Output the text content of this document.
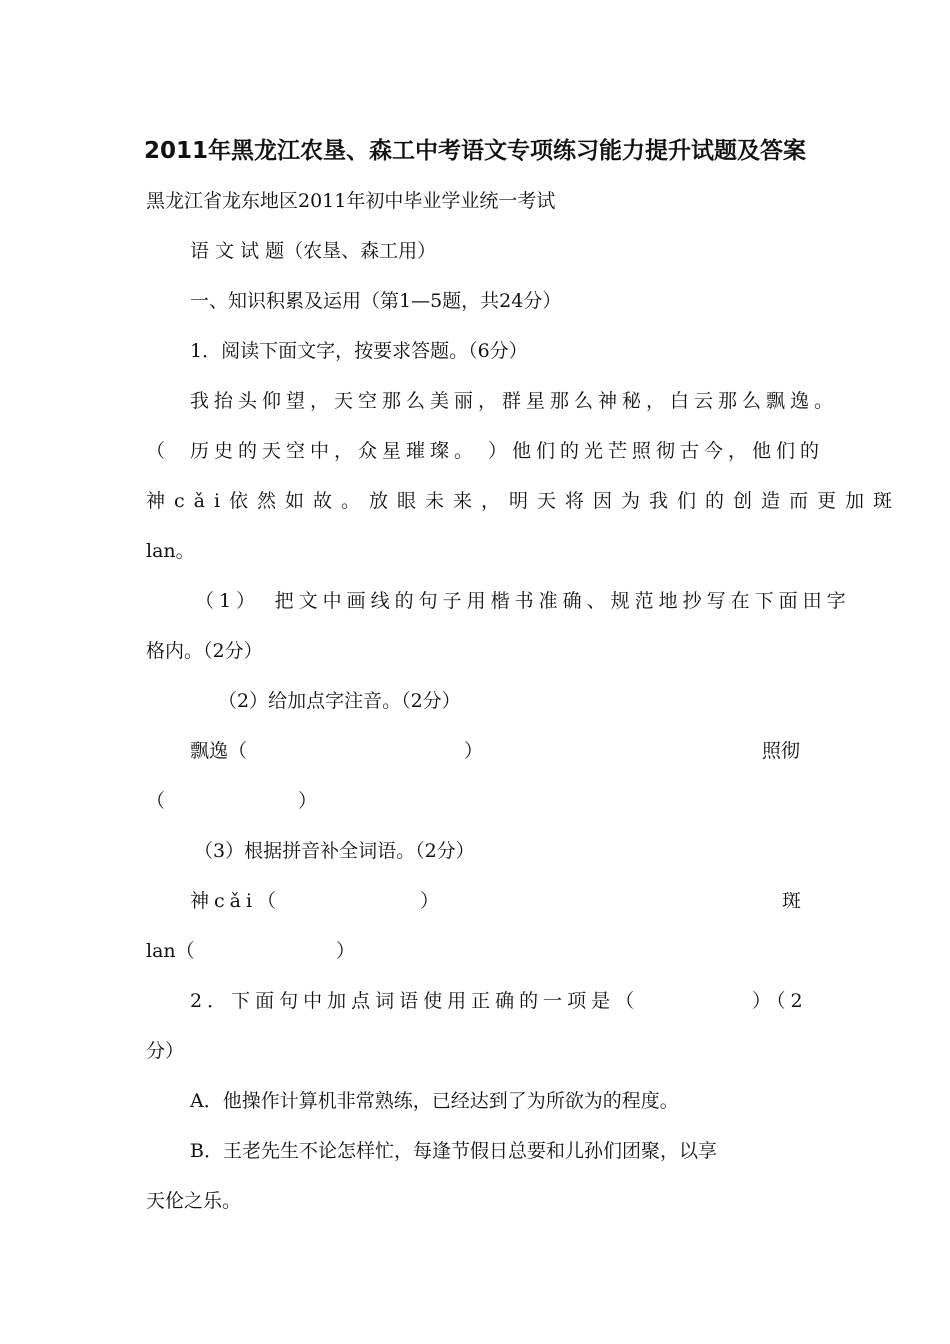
2011年黑龙江农垦、森工中考语文专项练习能力提升试题及答案
黑龙江省龙东地区2011年初中毕业学业统一考试
语 文 试 题（农垦、森工用）
一、知识积累及运用（第1—5题，共24分）
1．阅读下面文字，按要求答题。（6分）
我抬头仰望，天空那么美丽，群星那么神秘，白云那么飘逸。
（ 历史的天空中，众星璀璨。 ）他们的光芒照彻古今，他们的
神cǎi依然如故。放眼未来，明天将因为我们的创造而更加斑
lan。
（1）　把文中画线的句子用楷书准确、规范地抄写在下面田字
格内。（2分）
（2）给加点字注音。（2分）
飘逸（	）	照彻
（	）
（3）根据拼音补全词语。（2分）
神cǎi（	）	斑
lan（	）
2．下面句中加点词语使用正确的一项是（	）（2
分）
A．他操作计算机非常熟练，已经达到了为所欲为的程度。
B．王老先生不论怎样忙，每逢节假日总要和儿孙们团聚，以享
天伦之乐。
